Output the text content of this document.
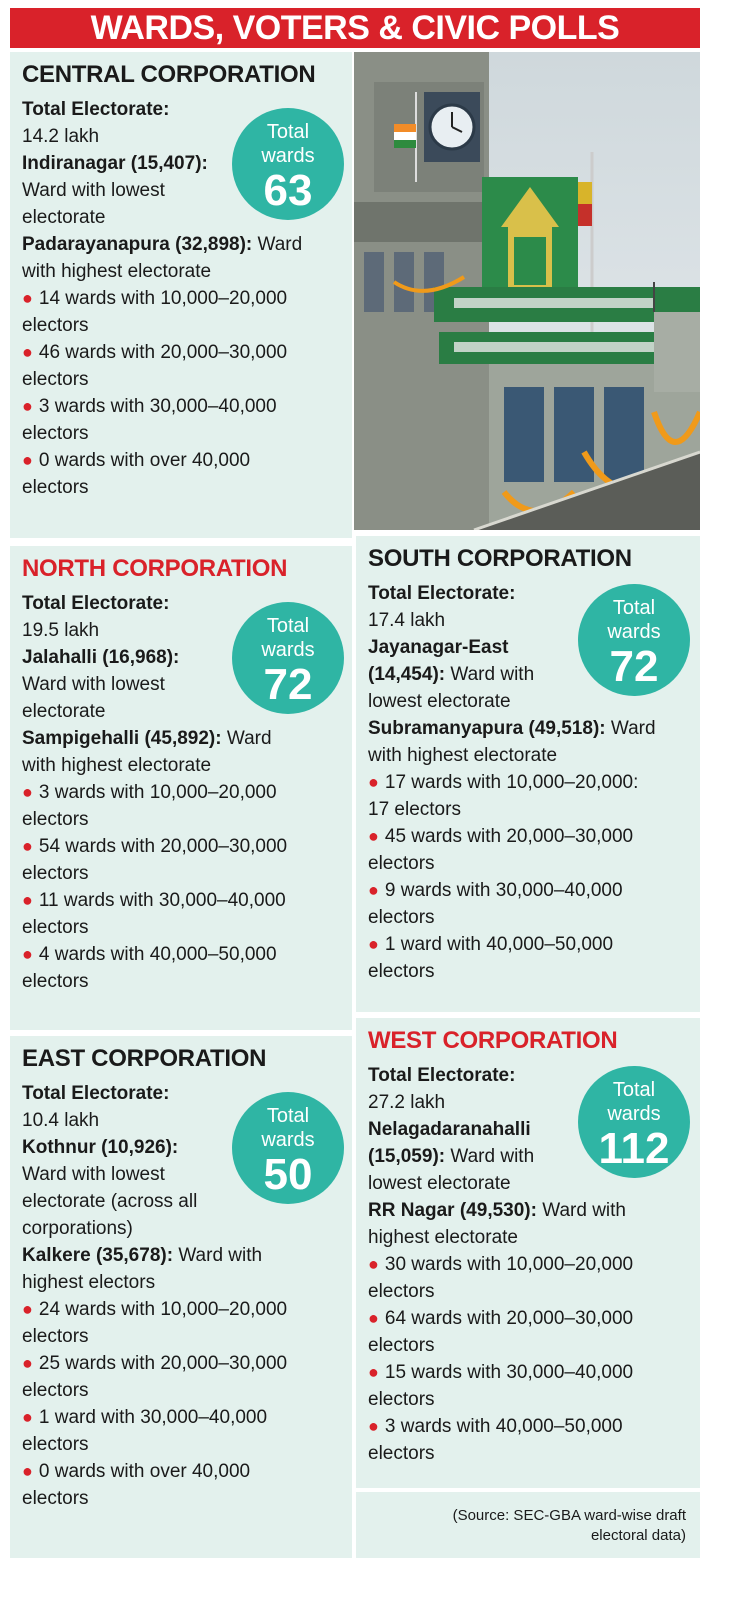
WARDS, VOTERS & CIVIC POLLS
CENTRAL CORPORATION

Total Electorate:

14.2 lakh

Indiranagar (15,407):

Ward with lowest

electorate

Padarayanapura (32,898): Ward

with highest electorate

● 14 wards with 10,000–20,000

electors

● 46 wards with 20,000–30,000

electors

● 3 wards with 30,000–40,000

electors

● 0 wards with over 40,000

electors

Total
wards
63
NORTH CORPORATION

Total Electorate:

19.5 lakh

Jalahalli (16,968):

Ward with lowest

electorate

Sampigehalli (45,892): Ward

with highest electorate

● 3 wards with 10,000–20,000

electors

● 54 wards with 20,000–30,000

electors

● 11 wards with 30,000–40,000

electors

● 4 wards with 40,000–50,000

electors

Total
wards
72
SOUTH CORPORATION

Total Electorate:

17.4 lakh

Jayanagar-East

(14,454): Ward with

lowest electorate

Subramanyapura (49,518): Ward

with highest electorate

● 17 wards with 10,000–20,000:

17 electors

● 45 wards with 20,000–30,000

electors

● 9 wards with 30,000–40,000

electors

● 1 ward with 40,000–50,000

electors

Total
wards
72
EAST CORPORATION

Total Electorate:

10.4 lakh

Kothnur (10,926):

Ward with lowest

electorate (across all

corporations)

Kalkere (35,678): Ward with

highest electors

● 24 wards with 10,000–20,000

electors

● 25 wards with 20,000–30,000

electors

● 1 ward with 30,000–40,000

electors

● 0 wards with over 40,000

electors

Total
wards
50
WEST CORPORATION

Total Electorate:

27.2 lakh

Nelagadaranahalli

(15,059): Ward with

lowest electorate

RR Nagar (49,530): Ward with

highest electorate

● 30 wards with 10,000–20,000

electors

● 64 wards with 20,000–30,000

electors

● 15 wards with 30,000–40,000

electors

● 3 wards with 40,000–50,000

electors

Total
wards
112
(Source: SEC-GBA ward-wise draft
electoral data)
